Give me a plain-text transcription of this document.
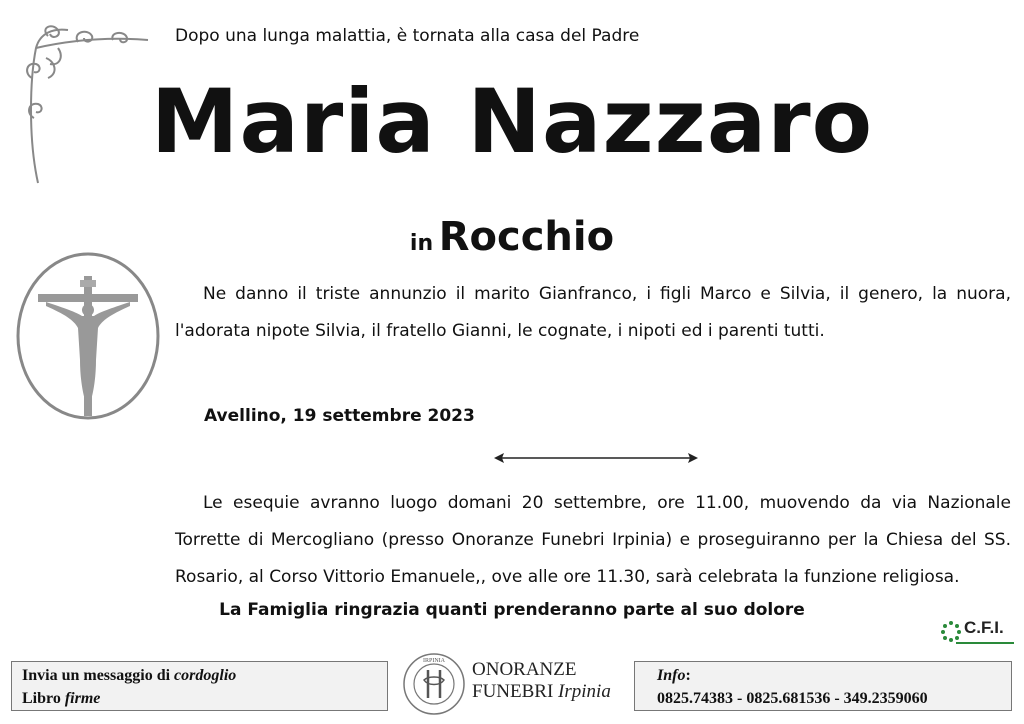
Dopo una lunga malattia, è tornata alla casa del Padre
Maria Nazzaro
in Rocchio
Ne danno il triste annunzio il marito Gianfranco, i figli Marco e Silvia, il genero, la nuora, l'adorata nipote Silvia, il fratello Gianni, le cognate, i nipoti ed i parenti tutti.
Avellino, 19 settembre 2023
Le esequie avranno luogo domani 20 settembre, ore 11.00, muovendo da via Nazionale Torrette di Mercogliano (presso Onoranze Funebri Irpinia) e proseguiranno per la Chiesa del SS. Rosario, al Corso Vittorio Emanuele,, ove alle ore 11.30, sarà celebrata la funzione religiosa.
La Famiglia ringrazia quanti prenderanno parte al suo dolore
C.F.I.
Invia un messaggio di cordoglio
Libro firme
IRPINIA ONORANZE
FUNEBRI Irpinia
Info:
0825.74383 - 0825.681536 - 349.2359060
